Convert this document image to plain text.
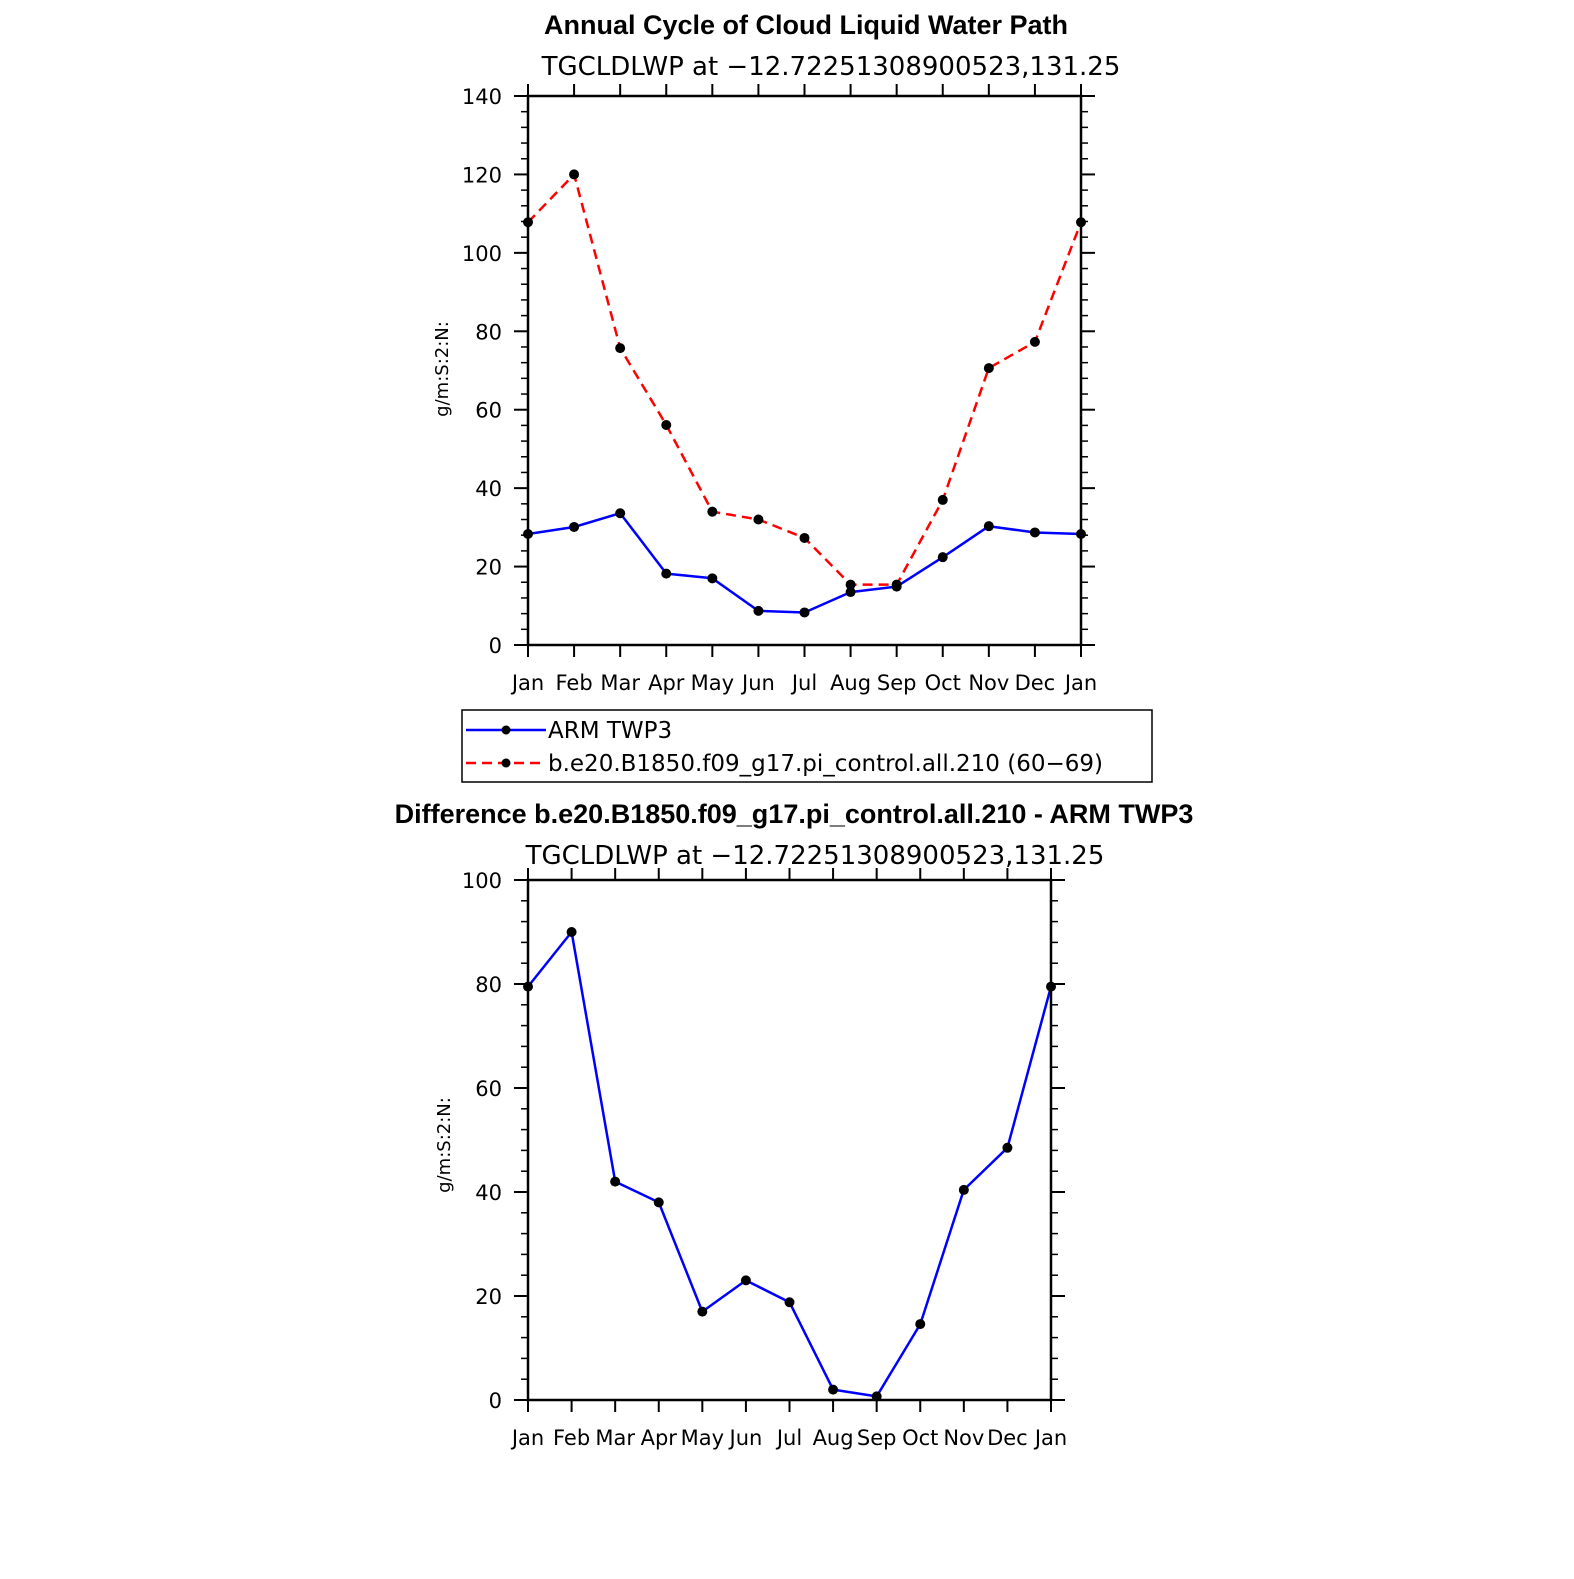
Annual Cycle of Cloud Liquid Water Path
TGCLDLWP at −12.72251308900523,131.25
g/m:S:2:N:
Jan Feb Mar Apr May Jun Jul Aug Sep Oct Nov Dec Jan
0
20
40
60
80
100
120
140
ARM TWP3
b.e20.B1850.f09_g17.pi_control.all.210 (60−69)
Difference b.e20.B1850.f09_g17.pi_control.all.210 - ARM TWP3
TGCLDLWP at −12.72251308900523,131.25
g/m:S:2:N:
Jan Feb Mar Apr May Jun Jul Aug Sep Oct Nov Dec Jan
0
20
40
60
80
100
